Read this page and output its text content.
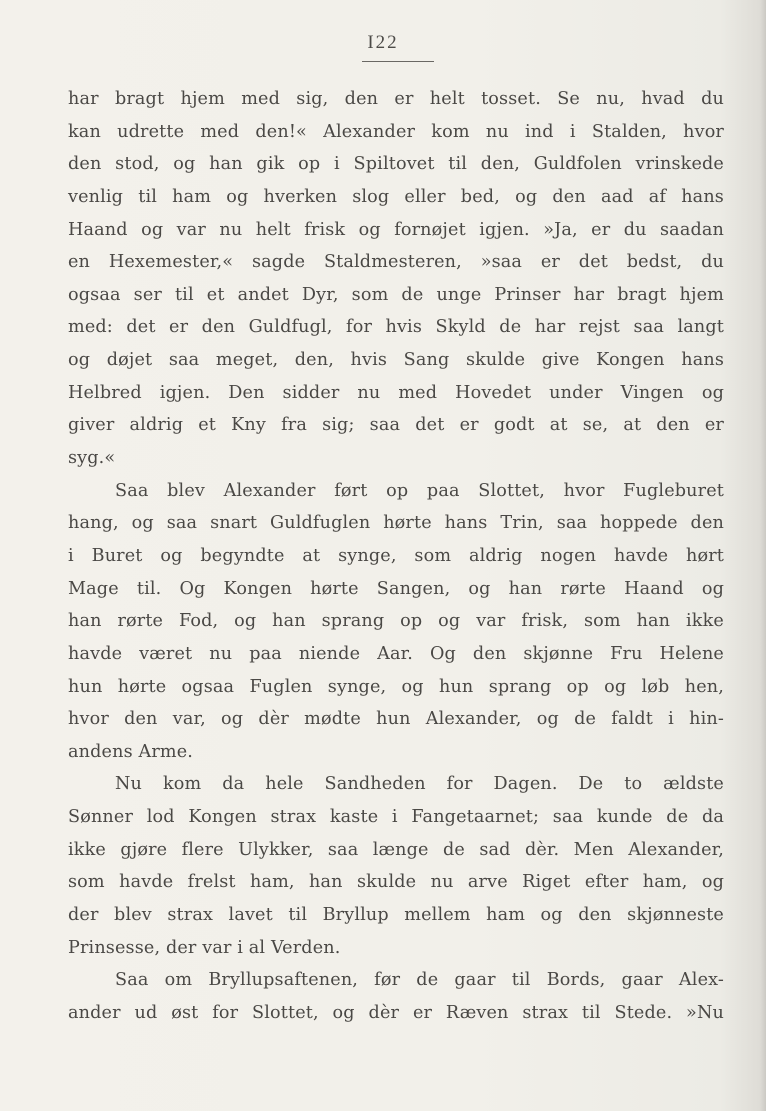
I22
har bragt hjem med sig, den er helt tosset. Se nu, hvad du
kan udrette med den!« Alexander kom nu ind i Stalden, hvor
den stod, og han gik op i Spiltovet til den, Guldfolen vrinskede
venlig til ham og hverken slog eller bed, og den aad af hans
Haand og var nu helt frisk og fornøjet igjen. »Ja, er du saadan
en Hexemester,« sagde Staldmesteren, »saa er det bedst, du
ogsaa ser til et andet Dyr, som de unge Prinser har bragt hjem
med: det er den Guldfugl, for hvis Skyld de har rejst saa langt
og døjet saa meget, den, hvis Sang skulde give Kongen hans
Helbred igjen. Den sidder nu med Hovedet under Vingen og
giver aldrig et Kny fra sig; saa det er godt at se, at den er
syg.«
Saa blev Alexander ført op paa Slottet, hvor Fugleburet
hang, og saa snart Guldfuglen hørte hans Trin, saa hoppede den
i Buret og begyndte at synge, som aldrig nogen havde hørt
Mage til. Og Kongen hørte Sangen, og han rørte Haand og
han rørte Fod, og han sprang op og var frisk, som han ikke
havde været nu paa niende Aar. Og den skjønne Fru Helene
hun hørte ogsaa Fuglen synge, og hun sprang op og løb hen,
hvor den var, og dèr mødte hun Alexander, og de faldt i hin-
andens Arme.
Nu kom da hele Sandheden for Dagen. De to ældste
Sønner lod Kongen strax kaste i Fangetaarnet; saa kunde de da
ikke gjøre flere Ulykker, saa længe de sad dèr. Men Alexander,
som havde frelst ham, han skulde nu arve Riget efter ham, og
der blev strax lavet til Bryllup mellem ham og den skjønneste
Prinsesse, der var i al Verden.
Saa om Bryllupsaftenen, før de gaar til Bords, gaar Alex-
ander ud øst for Slottet, og dèr er Ræven strax til Stede. »Nu
